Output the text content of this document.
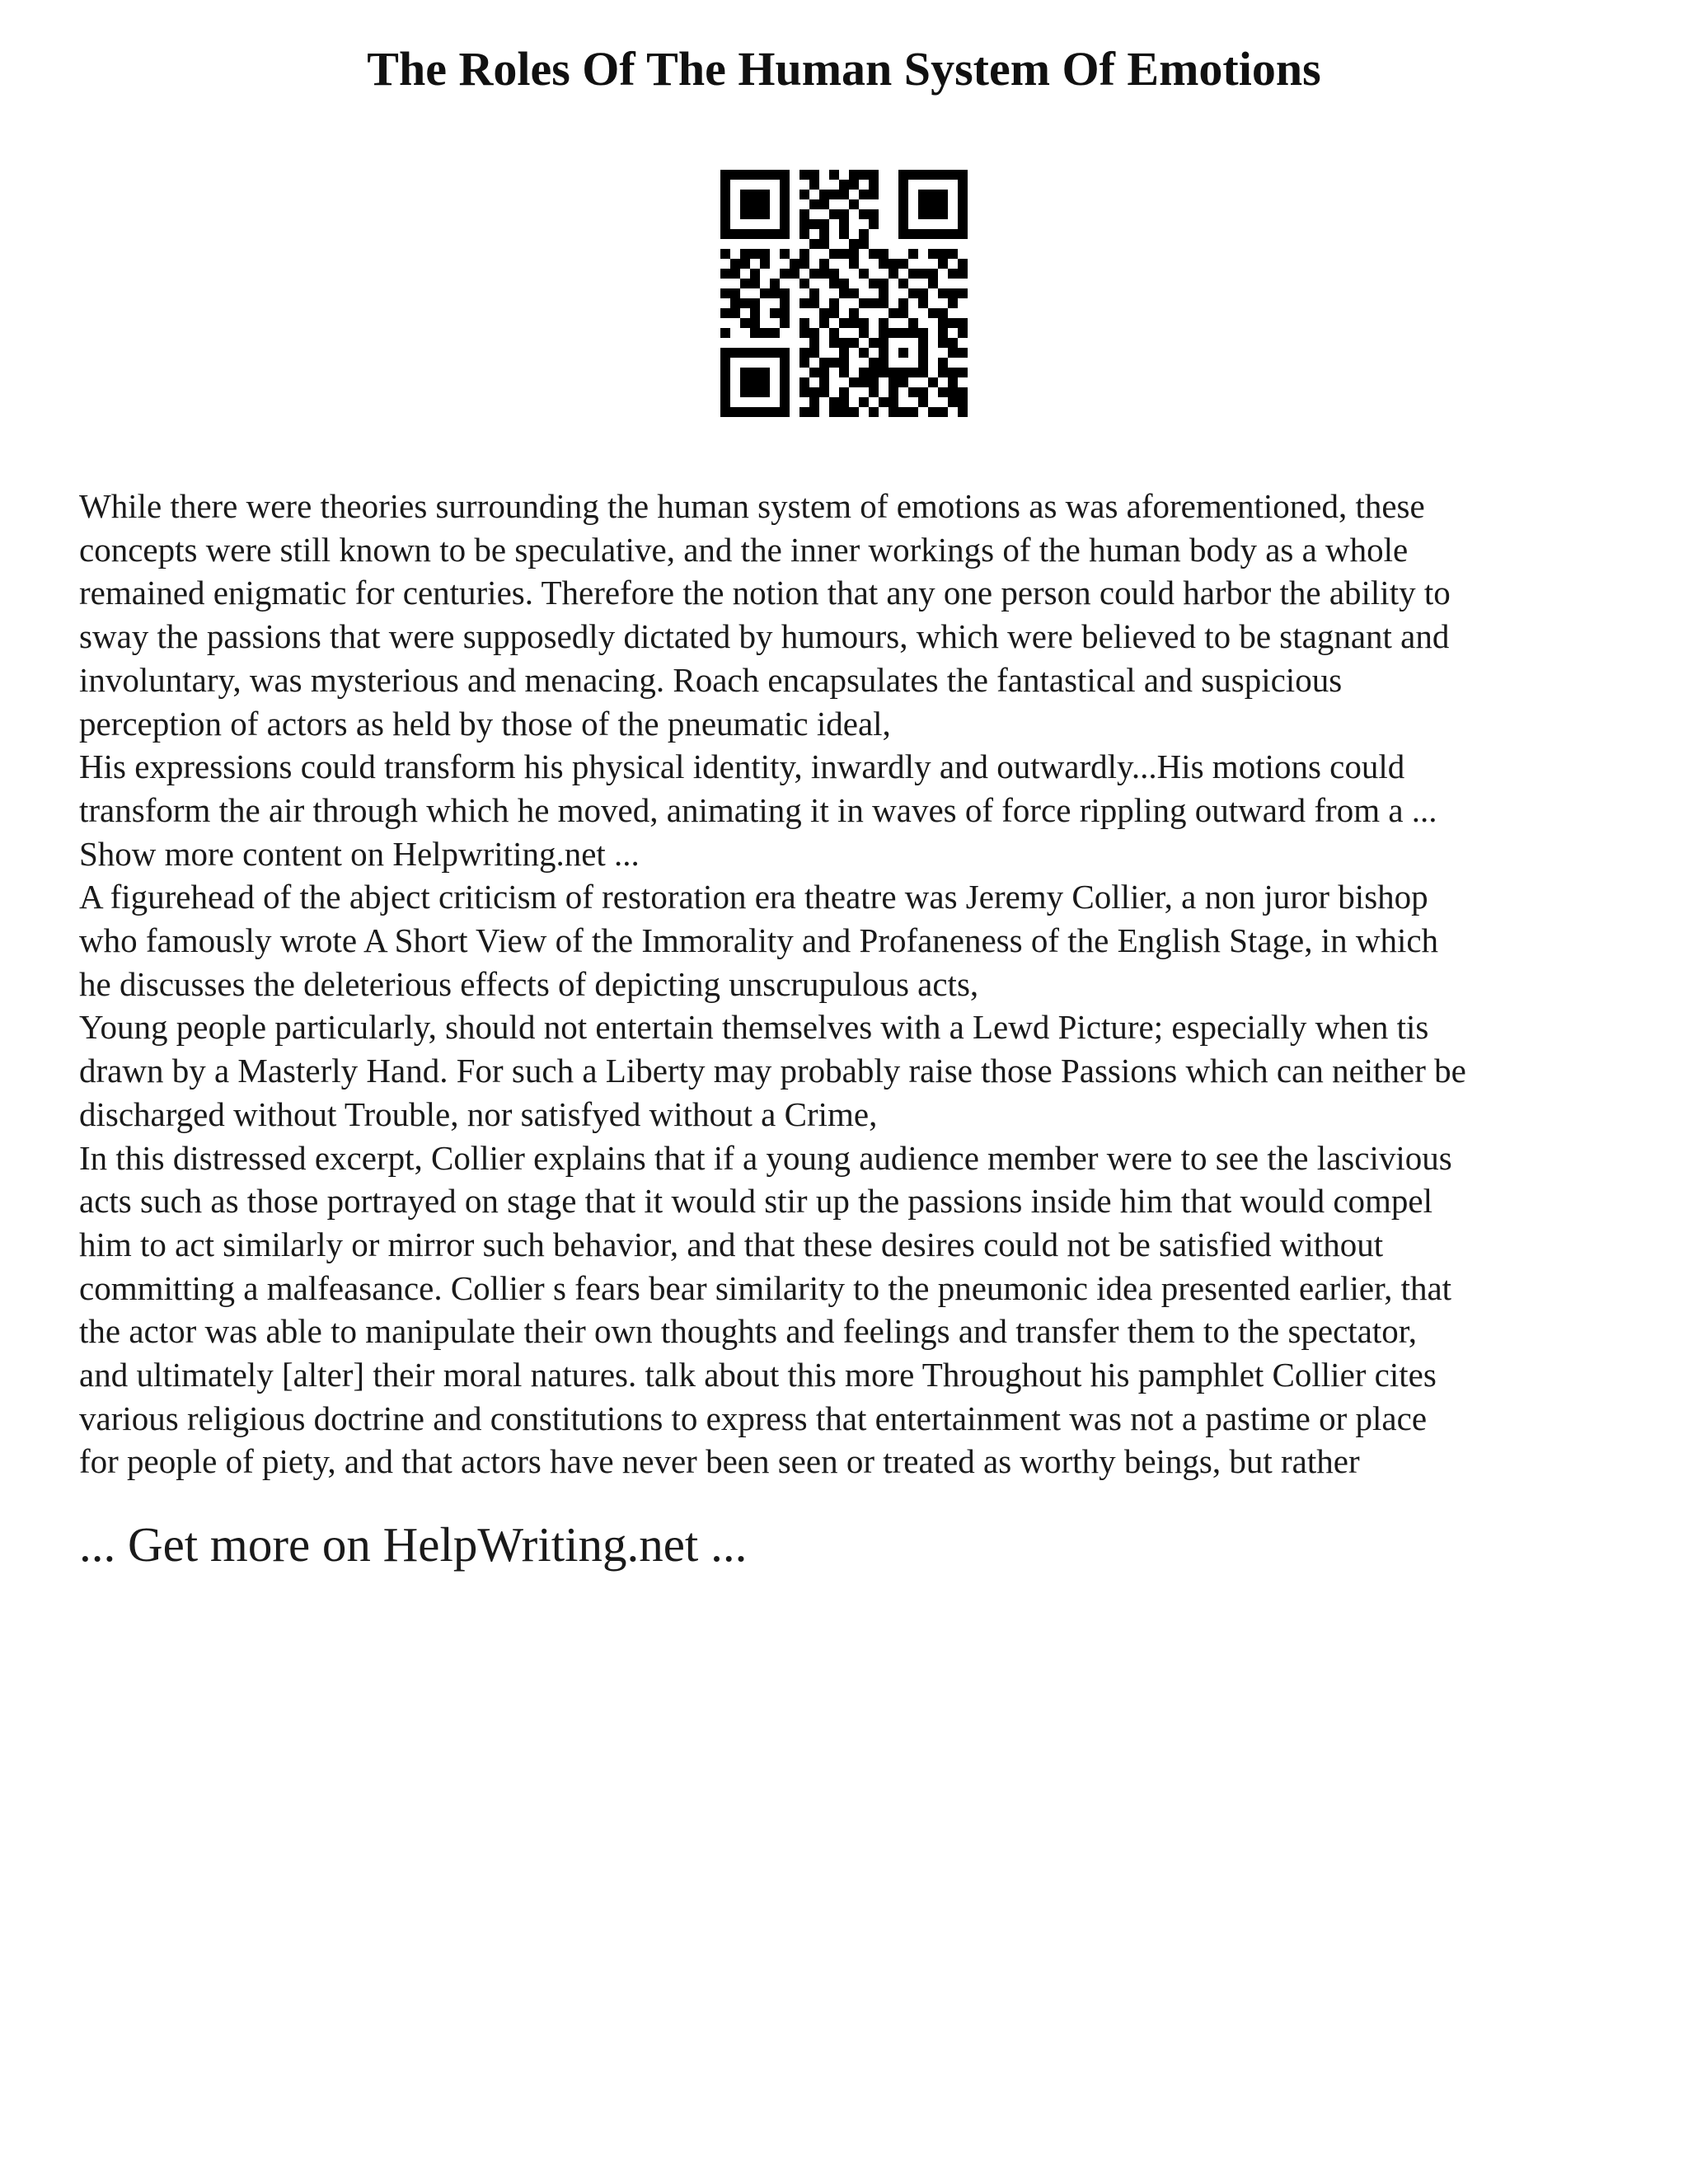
The Roles Of The Human System Of Emotions
While there were theories surrounding the human system of emotions as was aforementioned, these
concepts were still known to be speculative, and the inner workings of the human body as a whole
remained enigmatic for centuries. Therefore the notion that any one person could harbor the ability to
sway the passions that were supposedly dictated by humours, which were believed to be stagnant and
involuntary, was mysterious and menacing. Roach encapsulates the fantastical and suspicious
perception of actors as held by those of the pneumatic ideal,
His expressions could transform his physical identity, inwardly and outwardly...His motions could
transform the air through which he moved, animating it in waves of force rippling outward from a ...
Show more content on Helpwriting.net ...
A figurehead of the abject criticism of restoration era theatre was Jeremy Collier, a non juror bishop
who famously wrote A Short View of the Immorality and Profaneness of the English Stage, in which
he discusses the deleterious effects of depicting unscrupulous acts,
Young people particularly, should not entertain themselves with a Lewd Picture; especially when tis
drawn by a Masterly Hand. For such a Liberty may probably raise those Passions which can neither be
discharged without Trouble, nor satisfyed without a Crime,
In this distressed excerpt, Collier explains that if a young audience member were to see the lascivious
acts such as those portrayed on stage that it would stir up the passions inside him that would compel
him to act similarly or mirror such behavior, and that these desires could not be satisfied without
committing a malfeasance. Collier s fears bear similarity to the pneumonic idea presented earlier, that
the actor was able to manipulate their own thoughts and feelings and transfer them to the spectator,
and ultimately [alter] their moral natures. talk about this more Throughout his pamphlet Collier cites
various religious doctrine and constitutions to express that entertainment was not a pastime or place
for people of piety, and that actors have never been seen or treated as worthy beings, but rather
... Get more on HelpWriting.net ...
